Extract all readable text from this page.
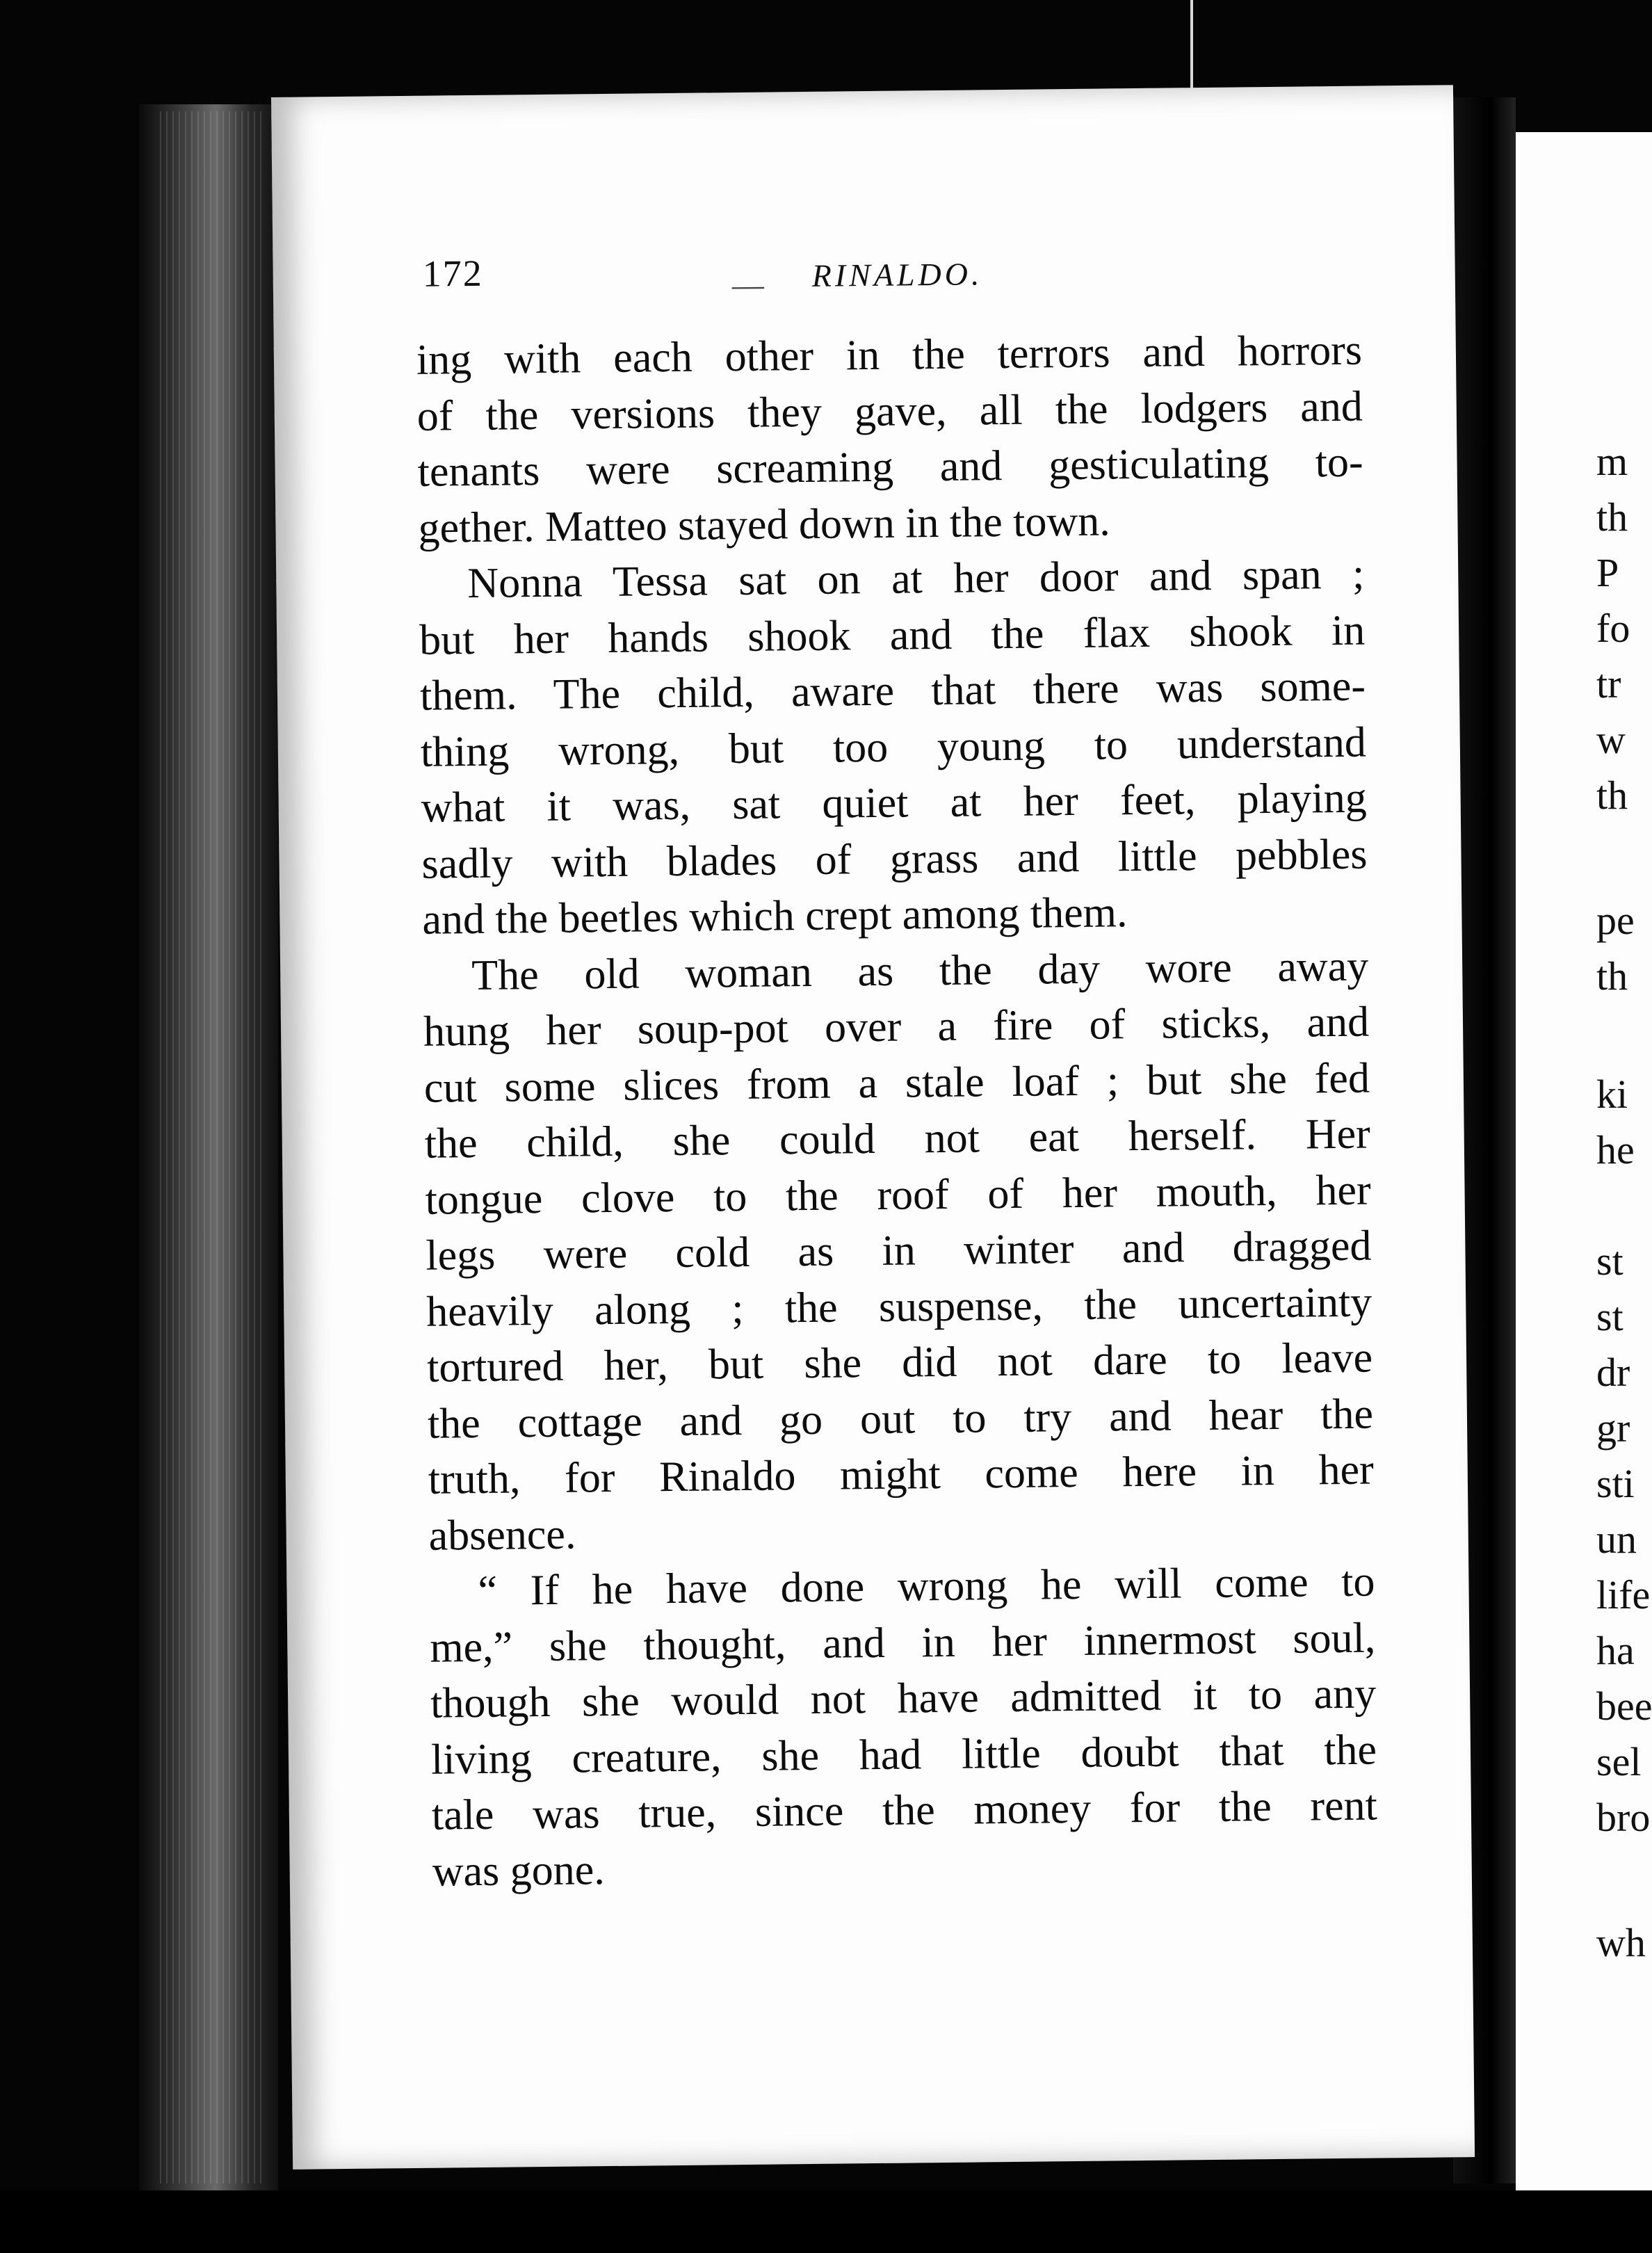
172	— RINALDO.
ing with each other in the terrors and horrors
of the versions they gave, all the lodgers and
tenants were screaming and gesticulating to-
gether. Matteo stayed down in the town.
Nonna Tessa sat on at her door and span ;
but her hands shook and the flax shook in
them. The child, aware that there was some-
thing wrong, but too young to understand
what it was, sat quiet at her feet, playing
sadly with blades of grass and little pebbles
and the beetles which crept among them.
The old woman as the day wore away
hung her soup-pot over a fire of sticks, and
cut some slices from a stale loaf ; but she fed
the child, she could not eat herself. Her
tongue clove to the roof of her mouth, her
legs were cold as in winter and dragged
heavily along ; the suspense, the uncertainty
tortured her, but she did not dare to leave
the cottage and go out to try and hear the
truth, for Rinaldo might come here in her
absence.
“ If he have done wrong he will come to
me,” she thought, and in her innermost soul,
though she would not have admitted it to any
living creature, she had little doubt that the
tale was true, since the money for the rent
was gone.
m
th
P
fo
tr
w
th
pe
th
ki
he
st
st
dr
gr
sti
un
life
ha
bee
sel
bro
wh
